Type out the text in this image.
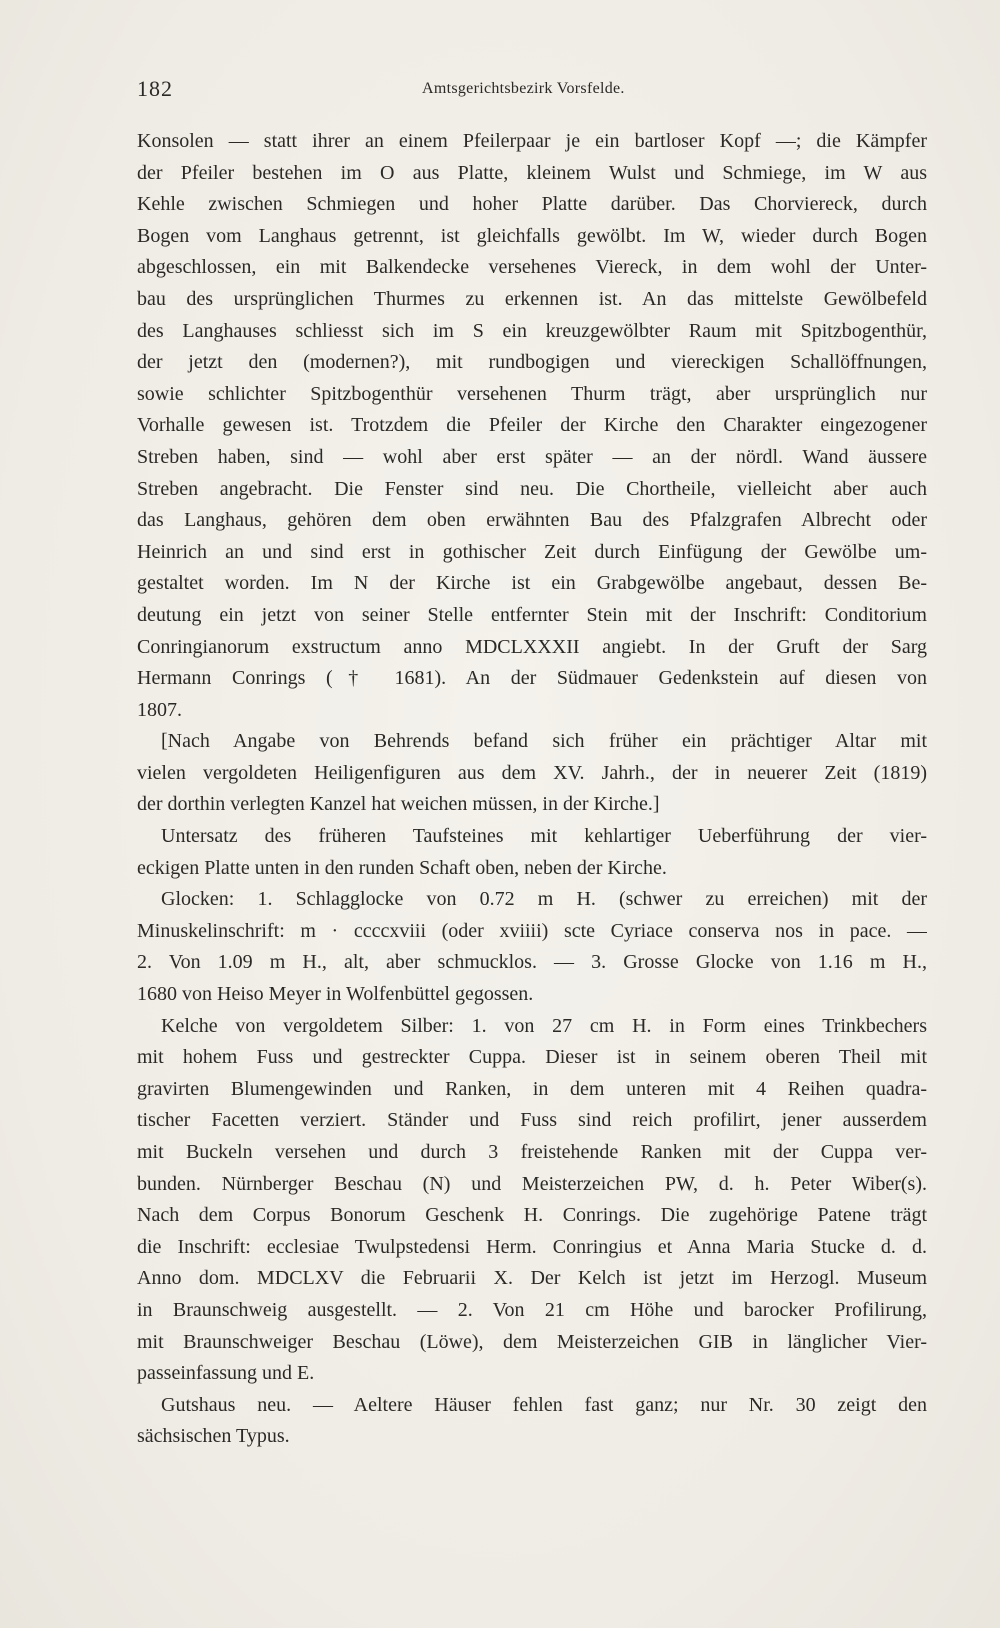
182	Amtsgerichtsbezirk Vorsfelde.
Konsolen — statt ihrer an einem Pfeilerpaar je ein bartloser Kopf —; die Kämpfer
der Pfeiler bestehen im O aus Platte, kleinem Wulst und Schmiege, im W aus
Kehle zwischen Schmiegen und hoher Platte darüber. Das Chorviereck, durch
Bogen vom Langhaus getrennt, ist gleichfalls gewölbt. Im W, wieder durch Bogen
abgeschlossen, ein mit Balkendecke versehenes Viereck, in dem wohl der Unter-
bau des ursprünglichen Thurmes zu erkennen ist. An das mittelste Gewölbefeld
des Langhauses schliesst sich im S ein kreuzgewölbter Raum mit Spitzbogenthür,
der jetzt den (modernen?), mit rundbogigen und viereckigen Schallöffnungen,
sowie schlichter Spitzbogenthür versehenen Thurm trägt, aber ursprünglich nur
Vorhalle gewesen ist. Trotzdem die Pfeiler der Kirche den Charakter eingezogener
Streben haben, sind — wohl aber erst später — an der nördl. Wand äussere
Streben angebracht. Die Fenster sind neu. Die Chortheile, vielleicht aber auch
das Langhaus, gehören dem oben erwähnten Bau des Pfalzgrafen Albrecht oder
Heinrich an und sind erst in gothischer Zeit durch Einfügung der Gewölbe um-
gestaltet worden. Im N der Kirche ist ein Grabgewölbe angebaut, dessen Be-
deutung ein jetzt von seiner Stelle entfernter Stein mit der Inschrift: Conditorium
Conringianorum exstructum anno MDCLXXXII angiebt. In der Gruft der Sarg
Hermann Conrings († 1681). An der Südmauer Gedenkstein auf diesen von
1807.
[Nach Angabe von Behrends befand sich früher ein prächtiger Altar mit
vielen vergoldeten Heiligenfiguren aus dem XV. Jahrh., der in neuerer Zeit (1819)
der dorthin verlegten Kanzel hat weichen müssen, in der Kirche.]
Untersatz des früheren Taufsteines mit kehlartiger Ueberführung der vier-
eckigen Platte unten in den runden Schaft oben, neben der Kirche.
Glocken: 1. Schlagglocke von 0.72 m H. (schwer zu erreichen) mit der
Minuskelinschrift: m · ccccxviii (oder xviiii) scte Cyriace conserva nos in pace. —
2. Von 1.09 m H., alt, aber schmucklos. — 3. Grosse Glocke von 1.16 m H.,
1680 von Heiso Meyer in Wolfenbüttel gegossen.
Kelche von vergoldetem Silber: 1. von 27 cm H. in Form eines Trinkbechers
mit hohem Fuss und gestreckter Cuppa. Dieser ist in seinem oberen Theil mit
gravirten Blumengewinden und Ranken, in dem unteren mit 4 Reihen quadra-
tischer Facetten verziert. Ständer und Fuss sind reich profilirt, jener ausserdem
mit Buckeln versehen und durch 3 freistehende Ranken mit der Cuppa ver-
bunden. Nürnberger Beschau (N) und Meisterzeichen PW, d. h. Peter Wiber(s).
Nach dem Corpus Bonorum Geschenk H. Conrings. Die zugehörige Patene trägt
die Inschrift: ecclesiae Twulpstedensi Herm. Conringius et Anna Maria Stucke d. d.
Anno dom. MDCLXV die Februarii X. Der Kelch ist jetzt im Herzogl. Museum
in Braunschweig ausgestellt. — 2. Von 21 cm Höhe und barocker Profilirung,
mit Braunschweiger Beschau (Löwe), dem Meisterzeichen GIB in länglicher Vier-
passeinfassung und E.
Gutshaus neu. — Aeltere Häuser fehlen fast ganz; nur Nr. 30 zeigt den
sächsischen Typus.
